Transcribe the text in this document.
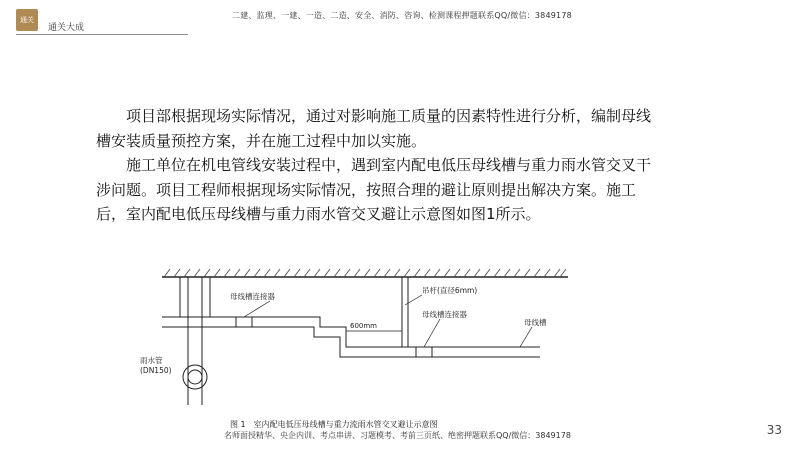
通关
通关大成
二建、监理、一建、一造、二造、安全、消防、咨询、检测课程押题联系QQ/微信：3849178

项目部根据现场实际情况，通过对影响施工质量的因素特性进行分析，编制母线槽安装质量预控方案，并在施工过程中加以实施。

施工单位在机电管线安装过程中，遇到室内配电低压母线槽与重力雨水管交叉干涉问题。项目工程师根据现场实际情况，按照合理的避让原则提出解决方案。施工后，室内配电低压母线槽与重力雨水管交叉避让示意图如图1所示。

600mm
母线槽连接器
吊杆(直径6mm)
母线槽连接器
母线槽
雨水管
(DN150)
图 1　室内配电低压母线槽与重力流雨水管交叉避让示意图	33
名师面授精华、央企内训、考点串讲、习题模考、考前三页纸、绝密押题联系QQ/微信：3849178
